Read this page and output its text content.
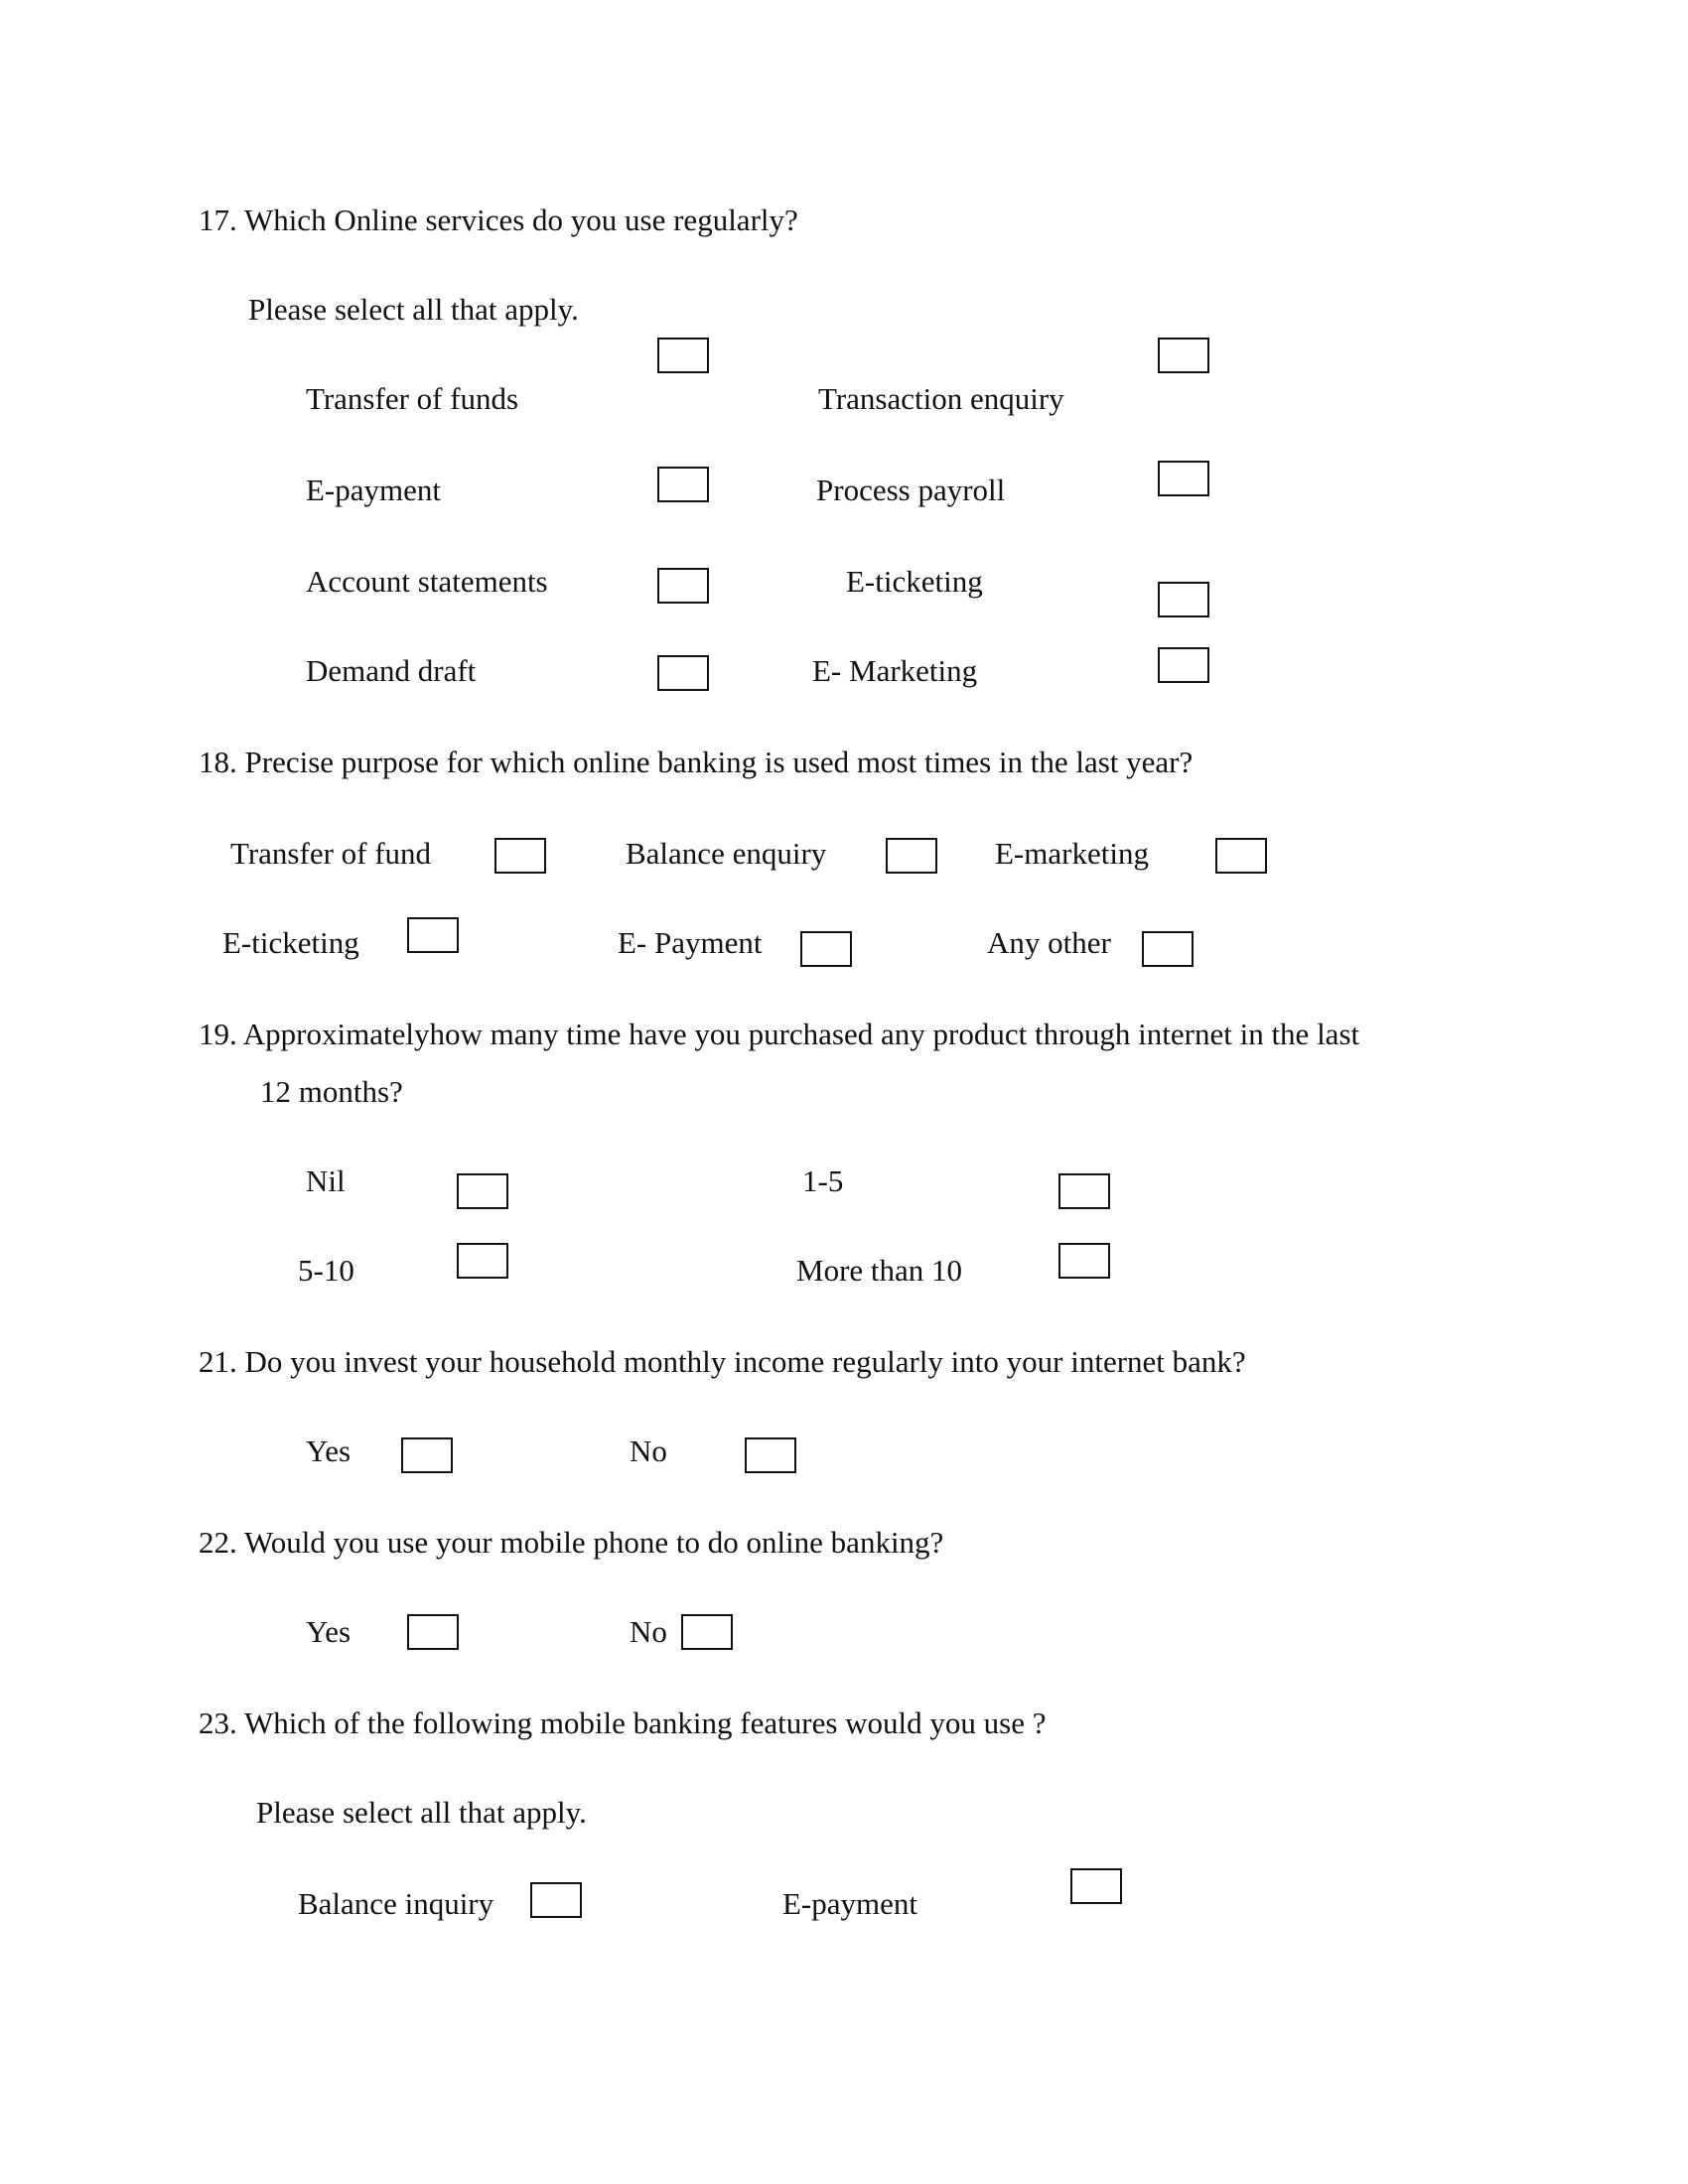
17. Which Online services do you use regularly?
Please select all that apply.
Transfer of funds	Transaction enquiry
E-payment	Process payroll
Account statements	E-ticketing
Demand draft	E- Marketing
18. Precise purpose for which online banking is used most times in the last year?
Transfer of fund	Balance enquiry	E-marketing
E-ticketing	E- Payment	Any other
19. Approximatelyhow many time have you purchased any product through internet in the last
12 months?
Nil	1-5
5-10	More than 10
21. Do you invest your household monthly income regularly into your internet bank?
Yes	No
22. Would you use your mobile phone to do online banking?
Yes	No
23. Which of the following mobile banking features would you use ?
Please select all that apply.
Balance inquiry	E-payment
